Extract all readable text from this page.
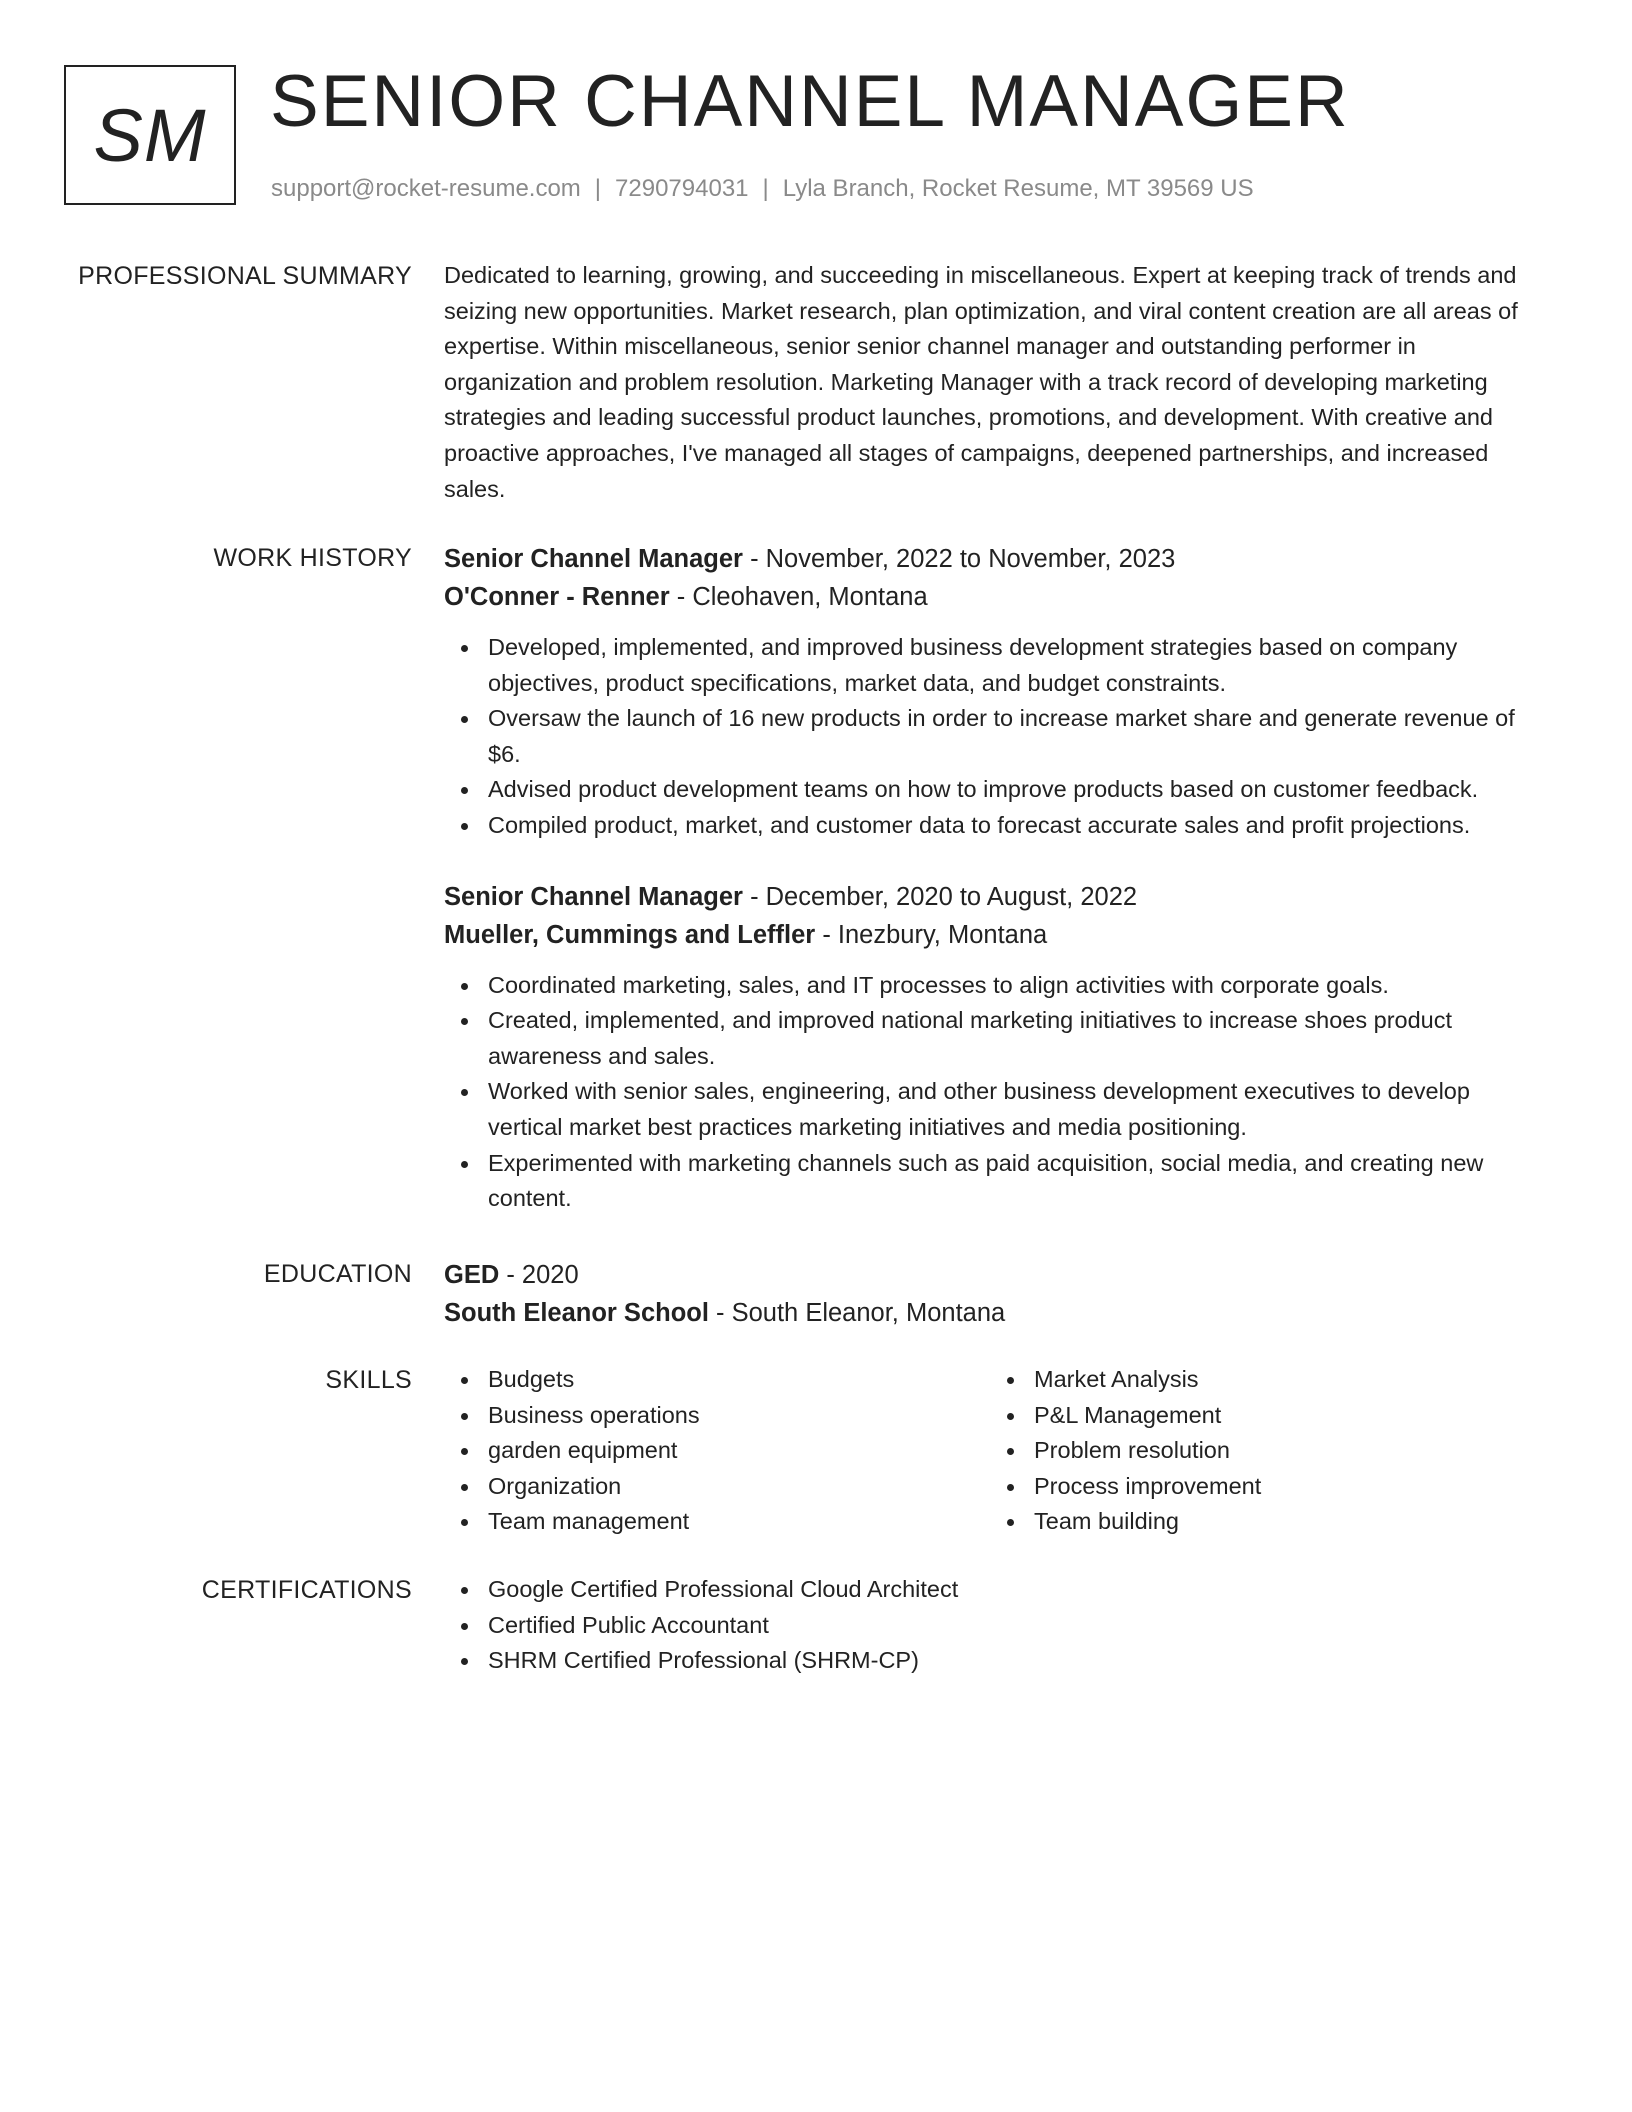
SM SENIOR CHANNEL MANAGER
support@rocket-resume.com | 7290794031 | Lyla Branch, Rocket Resume, MT 39569 US
PROFESSIONAL SUMMARY Dedicated to learning, growing, and succeeding in miscellaneous. Expert at keeping track of trends and seizing new opportunities. Market research, plan optimization, and viral content creation are all areas of expertise. Within miscellaneous, senior senior channel manager and outstanding performer in organization and problem resolution. Marketing Manager with a track record of developing marketing strategies and leading successful product launches, promotions, and development. With creative and proactive approaches, I've managed all stages of campaigns, deepened partnerships, and increased sales.

WORK HISTORY Senior Channel Manager - November, 2022 to November, 2023
O'Conner - Renner - Cleohaven, Montana
Developed, implemented, and improved business development strategies based on company objectives, product specifications, market data, and budget constraints.
Oversaw the launch of 16 new products in order to increase market share and generate revenue of $6.
Advised product development teams on how to improve products based on customer feedback.
Compiled product, market, and customer data to forecast accurate sales and profit projections.
Senior Channel Manager - December, 2020 to August, 2022
Mueller, Cummings and Leffler - Inezbury, Montana
Coordinated marketing, sales, and IT processes to align activities with corporate goals.
Created, implemented, and improved national marketing initiatives to increase shoes product awareness and sales.
Worked with senior sales, engineering, and other business development executives to develop vertical market best practices marketing initiatives and media positioning.
Experimented with marketing channels such as paid acquisition, social media, and creating new content.
EDUCATION GED - 2020
South Eleanor School - South Eleanor, Montana
SKILLS	Budgets
Business operations
garden equipment
Organization
Team management
Market Analysis
P&L Management
Problem resolution
Process improvement
Team building
CERTIFICATIONS	Google Certified Professional Cloud Architect
Certified Public Accountant
SHRM Certified Professional (SHRM-CP)
